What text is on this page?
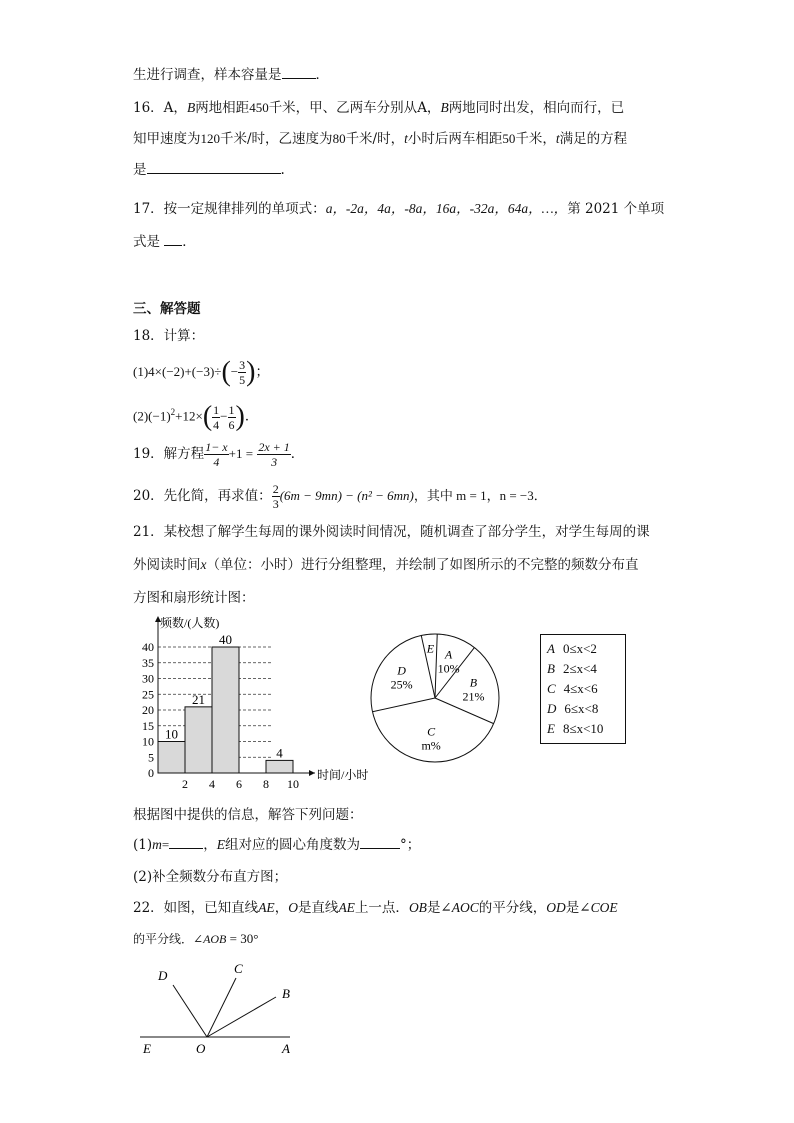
生进行调查，样本容量是	．
16．A，B两地相距450千米，甲、乙两车分别从A，B两地同时出发，相向而行，已
知甲速度为120千米/时，乙速度为80千米/时，t小时后两车相距50千米，t满足的方程
是	.
17．按一定规律排列的单项式：a，-2a，4a，-8a，16a，-32a，64a，…，第 2021 个单项
式是 ．
三、解答题
18．计算：
$(1)4\times(-2)+(-3)\div(- \frac{3}{5}$ )；
$(2)(-1)^2+12\times( \frac{1}{4} - \frac{1}{6}$ )．
19．解方程 $\frac{1- x}{4} +1 = \frac{2x + 1}{3}$ ．
20．先化简，再求值： $\frac{2}{3} (6m - 9mn) - (n^2 - 6mn)$，其中 m = 1，n = −3．
21．某校想了解学生每周的课外阅读时间情况，随机调查了部分学生，对学生每周的课
外阅读时间x（单位：小时）进行分组整理，并绘制了如图所示的不完整的频数分布直
方图和扇形统计图：
10
21
40
4
0
5
10
15
20
25
30
35
40
2 4 6 8 10
时间/小时
频数/(人数)
A
10%
B
21%
C
m%
D
25%
E	A 0≤x<2
B 2≤x<4
C 4≤x<6
D 6≤x<8
E 8≤x<10
根据图中提供的信息，解答下列问题：
(1)m=	，E组对应的圆心角度数为	°；
(2)补全频数分布直方图；
22．如图，已知直线AE，O是直线AE上一点．OB是∠AOC的平分线，OD是∠COE
的平分线．∠AOB = 30°
D	C
B
E	O	A
